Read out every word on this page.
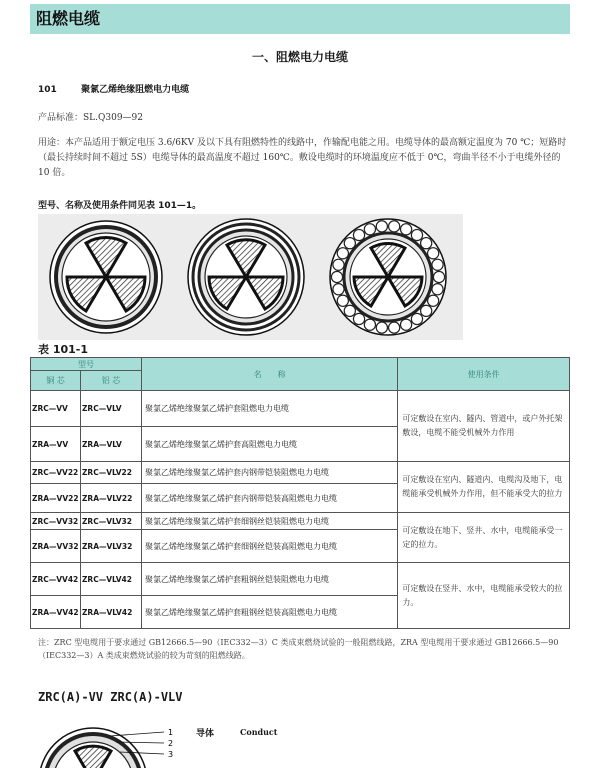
阻燃电缆
一、阻燃电力电缆
101	聚氯乙烯绝缘阻燃电力电缆
产品标准：SL.Q309—92
用途：本产品适用于额定电压 3.6/6KV 及以下具有阻燃特性的线路中，作输配电能之用。电缆导体的最高额定温度为 70 ℃；短路时（最长持续时间不超过 5S）电缆导体的最高温度不超过 160℃。敷设电缆时的环境温度应不低于 0℃，弯曲半径不小于电缆外径的 10 倍。
型号、名称及使用条件同见表 101—1。
表 101-1
型号		名　　称	使用条件
铜 芯	铝 芯		
ZRC—VV	ZRC—VLV	聚氯乙烯绝缘聚氯乙烯护套阻燃电力电缆	可定敷设在室内、隧内、管道中，或户外托架敷设，电缆不能受机械外力作用
ZRA—VV	ZRA—VLV	聚氯乙烯绝缘聚氯乙烯护套高阻燃电力电缆	
ZRC—VV22	ZRC—VLV22	聚氯乙烯绝缘聚氯乙烯护套内钢带铠装阻燃电力电缆	可定敷设在室内、隧道内、电缆沟及地下，电缆能承受机械外力作用，但不能承受大的拉力
ZRA—VV22	ZRA—VLV22	聚氯乙烯绝缘聚氯乙烯护套内钢带铠装高阻燃电力电缆	
ZRC—VV32	ZRC—VLV32	聚氯乙烯绝缘聚氯乙烯护套细钢丝铠装阻燃电力电缆	可定敷设在地下、竖井、水中，电缆能承受一定的拉力。
ZRA—VV32	ZRA—VLV32	聚氯乙烯绝缘聚氯乙烯护套细钢丝铠装高阻燃电力电缆	
ZRC—VV42	ZRC—VLV42	聚氯乙烯绝缘聚氯乙烯护套粗钢丝铠装阻燃电力电缆	可定敷设在竖井、水中，电缆能承受较大的拉力。
ZRA—VV42	ZRA—VLV42	聚氯乙烯绝缘聚氯乙烯护套粗钢丝铠装高阻燃电力电缆	
注：ZRC 型电缆用于要求通过 GB12666.5—90（IEC332—3）C 类成束燃烧试验的一般阻燃线路，ZRA 型电缆用于要求通过 GB12666.5—90
（IEC332—3）A 类成束燃烧试验的较为苛刻的阻燃线路。
ZRC(A)-VV ZRC(A)-VLV
1
2
3
导体	Conduct
